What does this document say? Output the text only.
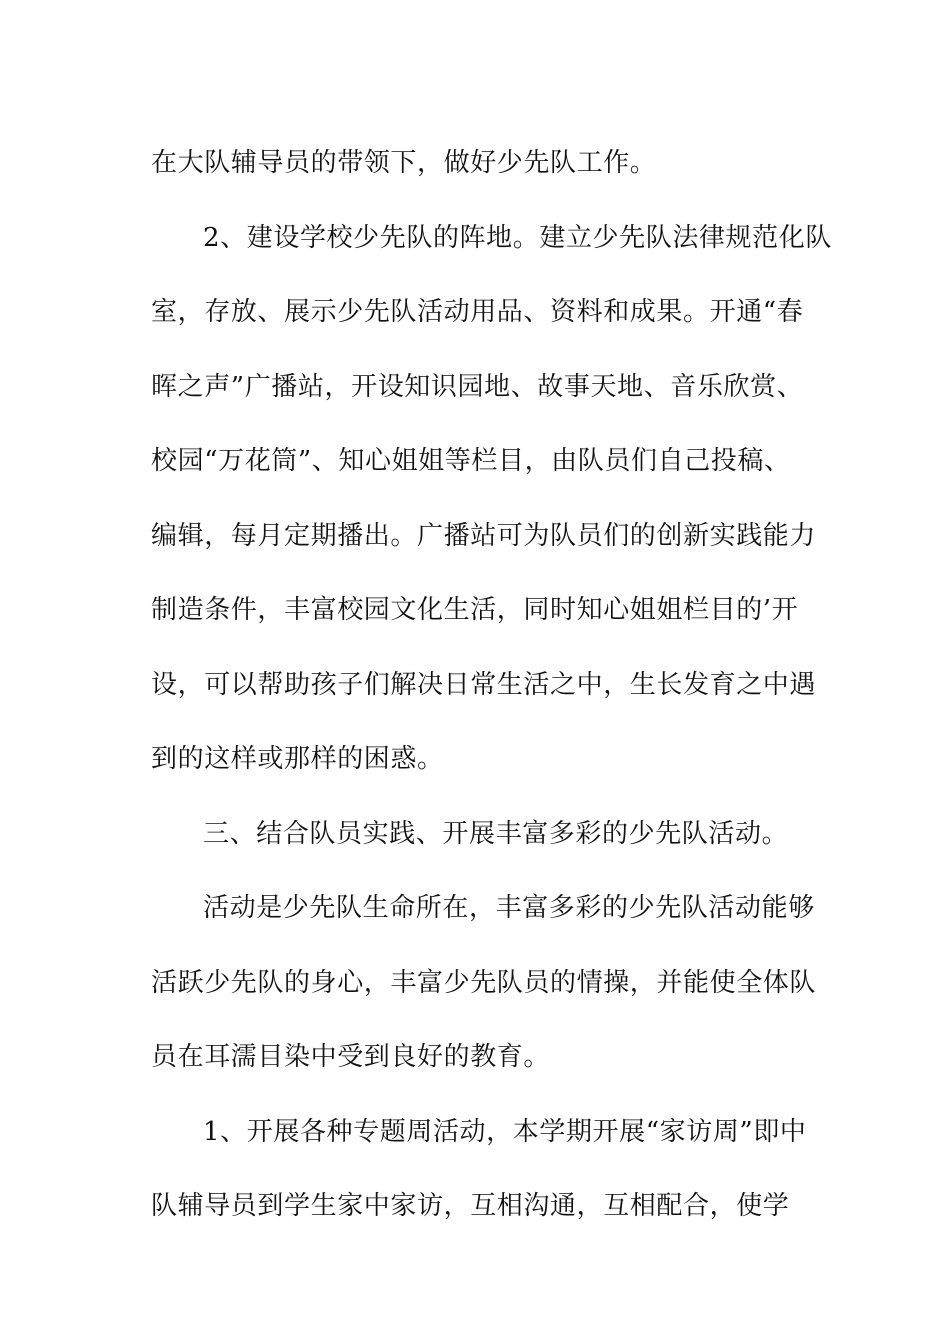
在大队辅导员的带领下，做好少先队工作。
2、建设学校少先队的阵地。建立少先队法律规范化队
室，存放、展示少先队活动用品、资料和成果。开通“春
晖之声”广播站，开设知识园地、故事天地、音乐欣赏、
校园“万花筒”、知心姐姐等栏目，由队员们自己投稿、
编辑，每月定期播出。广播站可为队员们的创新实践能力
制造条件，丰富校园文化生活，同时知心姐姐栏目的’开
设，可以帮助孩子们解决日常生活之中，生长发育之中遇
到的这样或那样的困惑。
三、结合队员实践、开展丰富多彩的少先队活动。
活动是少先队生命所在，丰富多彩的少先队活动能够
活跃少先队的身心，丰富少先队员的情操，并能使全体队
员在耳濡目染中受到良好的教育。
1、开展各种专题周活动，本学期开展“家访周”即中
队辅导员到学生家中家访，互相沟通，互相配合，使学
